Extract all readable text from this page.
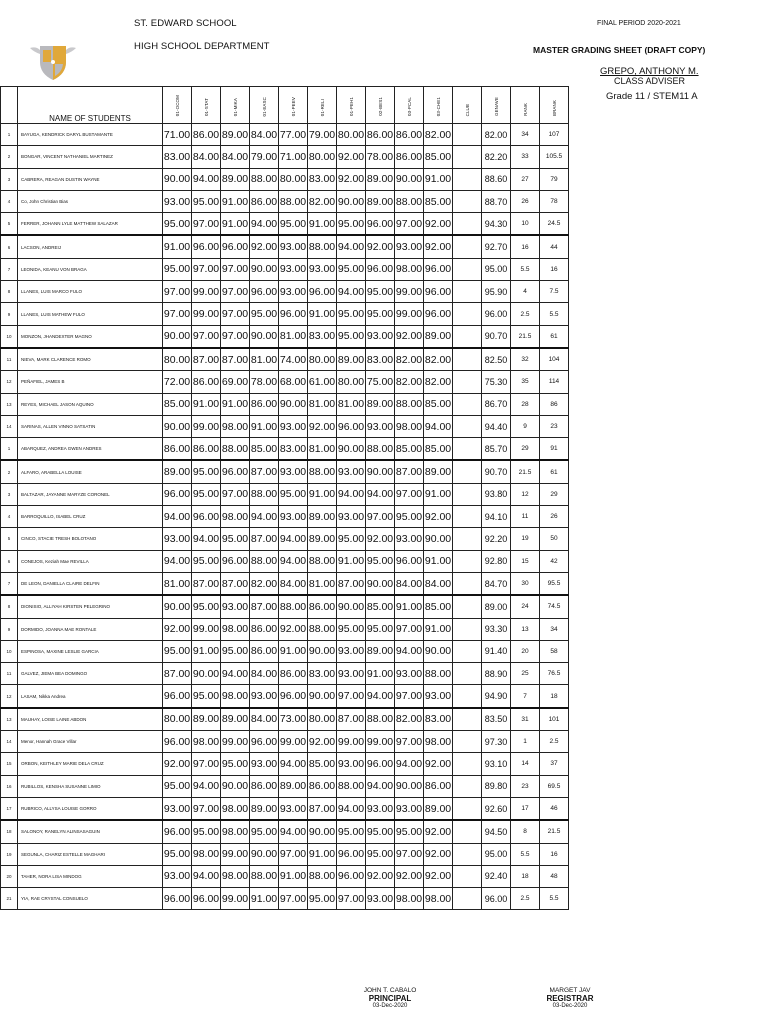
ST. EDWARD SCHOOL
HIGH SCHOOL DEPARTMENT
FINAL PERIOD 2020-2021
MASTER GRADING SHEET (DRAFT COPY)
GREPO, ANTHONY M.
CLASS ADVISER
Grade 11 / STEM11 A
	NAME OF STUDENTS	01-OCOM	01-STAT	01-MIKA	01-EASC	01-PEEV	01-RELI	01-PEH1	02-BES1	03-PCAL	03-CHE1	CLUB	GENAVE	RANK	BRANK
1	BAYUGA, KENDRICK DARYL BUSTAMANTE	71.00	86.00	89.00	84.00	77.00	79.00	80.00	86.00	86.00	82.00		82.00	34	107
2	BONGAR, VINCENT NATHANIEL MARTINEZ	83.00	84.00	84.00	79.00	71.00	80.00	92.00	78.00	86.00	85.00		82.20	33	105.5
3	CABRERA, REAGAN DUSTIN WAYNE	90.00	94.00	89.00	88.00	80.00	83.00	92.00	89.00	90.00	91.00		88.60	27	79
4	Co, John Christian Bias	93.00	95.00	91.00	86.00	88.00	82.00	90.00	89.00	88.00	85.00		88.70	26	78
5	FERRER, JOHANN LYLE MATTHEW SALAZAR	95.00	97.00	91.00	94.00	95.00	91.00	95.00	96.00	97.00	92.00		94.30	10	24.5
6	LACSON, ANDREIJ	91.00	96.00	96.00	92.00	93.00	88.00	94.00	92.00	93.00	92.00		92.70	16	44
7	LEONIDA, KEANU VON BRAGA	95.00	97.00	97.00	90.00	93.00	93.00	95.00	96.00	98.00	96.00		95.00	5.5	16
8	LLANES, LUIS MARCO FULO	97.00	99.00	97.00	96.00	93.00	96.00	94.00	95.00	99.00	96.00		95.90	4	7.5
9	LLANES, LUIS MATHEW FULO	97.00	99.00	97.00	95.00	96.00	91.00	95.00	95.00	99.00	96.00		96.00	2.5	5.5
10	MONZON, JHANDEXTER MAGNO	90.00	97.00	97.00	90.00	81.00	83.00	95.00	93.00	92.00	89.00		90.70	21.5	61
11	NIEVA, MARK CLARENCE ROMO	80.00	87.00	87.00	81.00	74.00	80.00	89.00	83.00	82.00	82.00		82.50	32	104
12	PEÑAFIEL, JAMES B	72.00	86.00	69.00	78.00	68.00	61.00	80.00	75.00	82.00	82.00		75.30	35	114
13	REYES, MICHAEL JASON AQUINO	85.00	91.00	91.00	86.00	90.00	81.00	81.00	89.00	88.00	85.00		86.70	28	86
14	SARINAS, ALLEN VINNO SATSATIN	90.00	99.00	98.00	91.00	93.00	92.00	96.00	93.00	98.00	94.00		94.40	9	23
1	ABARQUEZ, ANDREA GWEN ANDRES	86.00	86.00	88.00	85.00	83.00	81.00	90.00	88.00	85.00	85.00		85.70	29	91
2	ALFARO, ARABELLA LOUISE	89.00	95.00	96.00	87.00	93.00	88.00	93.00	90.00	87.00	89.00		90.70	21.5	61
3	BALTAZAR, JAYANNE MARYZE CORONEL	96.00	95.00	97.00	88.00	95.00	91.00	94.00	94.00	97.00	91.00		93.80	12	29
4	BARROQUILLO, ISABEL CRUZ	94.00	96.00	98.00	94.00	93.00	89.00	93.00	97.00	95.00	92.00		94.10	11	26
5	CINCO, STACIE TRESH BOLOTANO	93.00	94.00	95.00	87.00	94.00	89.00	95.00	92.00	93.00	90.00		92.20	19	50
6	CONEJOS, Keziah Mae REVILLA	94.00	95.00	96.00	88.00	94.00	88.00	91.00	95.00	96.00	91.00		92.80	15	42
7	DE LEON, DANIELLA CLAIRE DELFIN	81.00	87.00	87.00	82.00	84.00	81.00	87.00	90.00	84.00	84.00		84.70	30	95.5
8	DIONISIO, ALLIYAH KIRSTEN PELEGRINO	90.00	95.00	93.00	87.00	88.00	86.00	90.00	85.00	91.00	85.00		89.00	24	74.5
9	DORMIDO, JOANNA MAE RONTALE	92.00	99.00	98.00	86.00	92.00	88.00	95.00	95.00	97.00	91.00		93.30	13	34
10	ESPINOSA, MAXINE LESLIE GARCIA	95.00	91.00	95.00	86.00	91.00	90.00	93.00	89.00	94.00	90.00		91.40	20	58
11	GALVEZ, JIEMA BEA DOMINGO	87.00	90.00	94.00	84.00	86.00	83.00	93.00	91.00	93.00	88.00		88.90	25	76.5
12	LASAM, Nikka Andrea	96.00	95.00	98.00	93.00	96.00	90.00	97.00	94.00	97.00	93.00		94.90	7	18
13	MAUHAY, LOISE LAINE ABDON	80.00	89.00	89.00	84.00	73.00	80.00	87.00	88.00	82.00	83.00		83.50	31	101
14	Menor, Hannah Grace Villar	96.00	98.00	99.00	96.00	99.00	92.00	99.00	99.00	97.00	98.00		97.30	1	2.5
15	ORBON, KEITHLEY MARIE DELA CRUZ	92.00	97.00	95.00	93.00	94.00	85.00	93.00	96.00	94.00	92.00		93.10	14	37
16	RUBILLOS, KENSHA SUSANNE LIMIO	95.00	94.00	90.00	86.00	89.00	86.00	88.00	94.00	90.00	86.00		89.80	23	69.5
17	RUBRICO, ALLYSA LOUISE GORRO	93.00	97.00	98.00	89.00	93.00	87.00	94.00	93.00	93.00	89.00		92.60	17	46
18	SALONOY, RANELYN ALINSASAGUIN	96.00	95.00	98.00	95.00	94.00	90.00	95.00	95.00	95.00	92.00		94.50	8	21.5
19	SEGUNLA, CHARIZ ESTELLE MAGHARI	95.00	98.00	99.00	90.00	97.00	91.00	96.00	95.00	97.00	92.00		95.00	5.5	16
20	TAHER, NORA LISA MINDOG	93.00	94.00	98.00	88.00	91.00	88.00	96.00	92.00	92.00	92.00		92.40	18	48
21	YIA, RAE CRYSTAL CONSUELO	96.00	96.00	99.00	91.00	97.00	95.00	97.00	93.00	98.00	98.00		96.00	2.5	5.5
JOHN T. CABALO
PRINCIPAL
03-Dec-2020
MARGET JAV
REGISTRAR
03-Dec-2020
